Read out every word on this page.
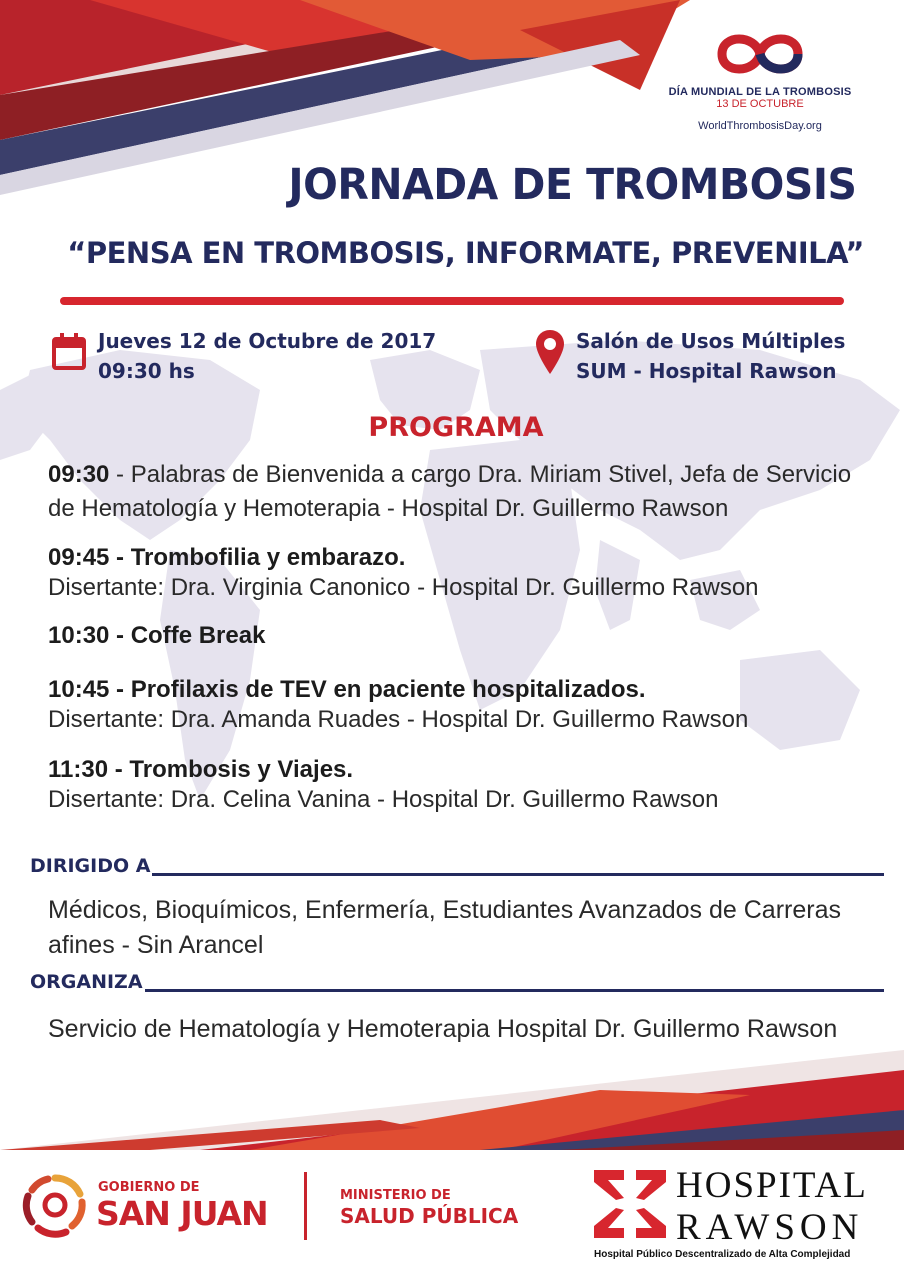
DÍA MUNDIAL DE LA TROMBOSIS
13 DE OCTUBRE
WorldThrombosisDay.org
JORNADA DE TROMBOSIS
“PENSA EN TROMBOSIS, INFORMATE, PREVENILA”
Jueves 12 de Octubre de 2017
09:30 hs
Salón de Usos Múltiples
SUM - Hospital Rawson
PROGRAMA
09:30 - Palabras de Bienvenida a cargo Dra. Miriam Stivel, Jefa de Servicio de Hematología y Hemoterapia - Hospital Dr. Guillermo Rawson
09:45 - Trombofilia y embarazo.
Disertante: Dra. Virginia Canonico - Hospital Dr. Guillermo Rawson
10:30 - Coffe Break
10:45 - Profilaxis de TEV en paciente hospitalizados.
Disertante: Dra. Amanda Ruades - Hospital Dr. Guillermo Rawson
11:30 - Trombosis y Viajes.
Disertante: Dra. Celina Vanina - Hospital Dr. Guillermo Rawson
DIRIGIDO A
Médicos, Bioquímicos, Enfermería, Estudiantes Avanzados de Carreras afines - Sin Arancel
ORGANIZA
Servicio de Hematología y Hemoterapia Hospital Dr. Guillermo Rawson
GOBIERNO DE
SAN JUAN	MINISTERIO DE
SALUD PÚBLICA
HOSPITAL
RAWSON
Hospital Público Descentralizado de Alta Complejidad
